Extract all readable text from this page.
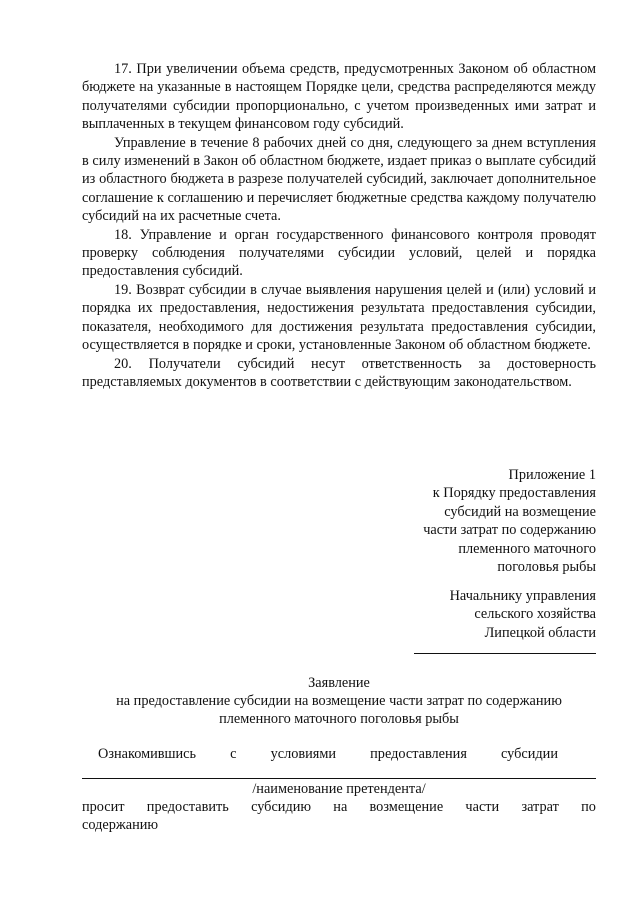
17. При увеличении объема средств, предусмотренных Законом об областном бюджете на указанные в настоящем Порядке цели, средства распределяются между получателями субсидии пропорционально, с учетом произведенных ими затрат и выплаченных в текущем финансовом году субсидий.

Управление в течение 8 рабочих дней со дня, следующего за днем вступления в силу изменений в Закон об областном бюджете, издает приказ о выплате субсидий из областного бюджета в разрезе получателей субсидий, заключает дополнительное соглашение к соглашению и перечисляет бюджетные средства каждому получателю субсидий на их расчетные счета.

18. Управление и орган государственного финансового контроля проводят проверку соблюдения получателями субсидии условий, целей и порядка предоставления субсидий.

19. Возврат субсидии в случае выявления нарушения целей и (или) условий и порядка их предоставления, недостижения результата предоставления субсидии, показателя, необходимого для достижения результата предоставления субсидии, осуществляется в порядке и сроки, установленные Законом об областном бюджете.

20. Получатели субсидий несут ответственность за достоверность представляемых документов в соответствии с действующим законодательством.

Приложение 1
к Порядку предоставления
субсидий на возмещение
части затрат по содержанию
племенного маточного
поголовья рыбы
Начальнику управления
сельского хозяйства
Липецкой области
Заявление
на предоставление субсидии на возмещение части затрат по содержанию
племенного маточного поголовья рыбы
Ознакомившись с условиями предоставления субсидии
/наименование претендента/
просит предоставить субсидию на возмещение части затрат по
содержанию
